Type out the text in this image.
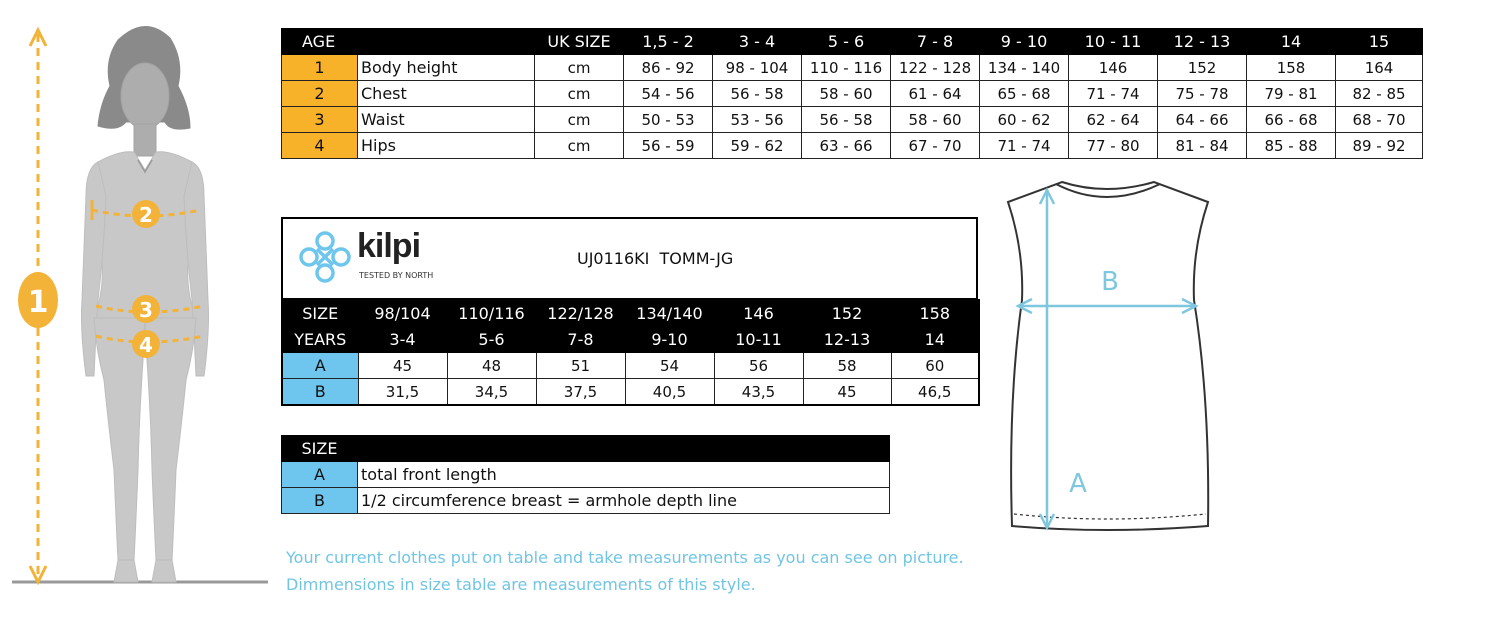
1
2
3
4
AGE		UK SIZE	1,5 - 2	3 - 4	5 - 6	7 - 8	9 - 10	10 - 11	12 - 13	14	15
1	Body height	cm	86 - 92	98 - 104	110 - 116	122 - 128	134 - 140	146	152	158	164
2	Chest	cm	54 - 56	56 - 58	58 - 60	61 - 64	65 - 68	71 - 74	75 - 78	79 - 81	82 - 85
3	Waist	cm	50 - 53	53 - 56	56 - 58	58 - 60	60 - 62	62 - 64	64 - 66	66 - 68	68 - 70
4	Hips	cm	56 - 59	59 - 62	63 - 66	67 - 70	71 - 74	77 - 80	81 - 84	85 - 88	89 - 92
kilpi
TESTED BY NORTH
UJ0116KI  TOMM-JG
SIZE	98/104	110/116	122/128	134/140	146	152	158
YEARS	3-4	5-6	7-8	9-10	10-11	12-13	14
A	45	48	51	54	56	58	60
B	31,5	34,5	37,5	40,5	43,5	45	46,5
SIZE	
A	total front length
B	1/2 circumference breast = armhole depth line
Your current clothes put on table and take measurements as you can see on picture.
Dimmensions in size table are measurements of this style.
B
A
